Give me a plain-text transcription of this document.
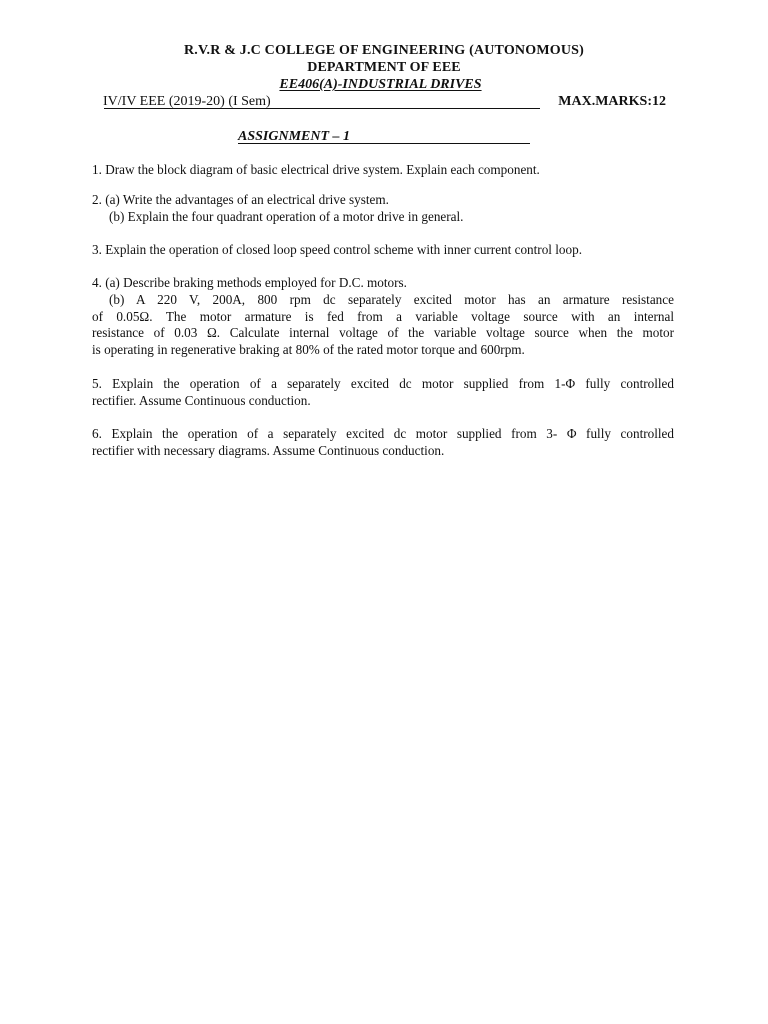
R.V.R & J.C COLLEGE OF ENGINEERING (AUTONOMOUS)
DEPARTMENT OF EEE
EE406(A)-INDUSTRIAL DRIVES
IV/IV EEE (2019-20) (I Sem)	MAX.MARKS:12
ASSIGNMENT – 1
1. Draw the block diagram of basic electrical drive system. Explain each component.
2. (a) Write the advantages of an electrical drive system.
(b) Explain the four quadrant operation of a motor drive in general.
3. Explain the operation of closed loop speed control scheme with inner current control loop.
4. (a) Describe braking methods employed for D.C. motors.
(b) A 220 V, 200A, 800 rpm dc separately excited motor has an armature resistance
of 0.05Ω. The motor armature is fed from a variable voltage source with an internal
resistance of 0.03 Ω. Calculate internal voltage of the variable voltage source when the motor
is operating in regenerative braking at 80% of the rated motor torque and 600rpm.
5. Explain the operation of a separately excited dc motor supplied from 1-Φ fully controlled
rectifier. Assume Continuous conduction.
6. Explain the operation of a separately excited dc motor supplied from 3- Φ fully controlled
rectifier with necessary diagrams. Assume Continuous conduction.
